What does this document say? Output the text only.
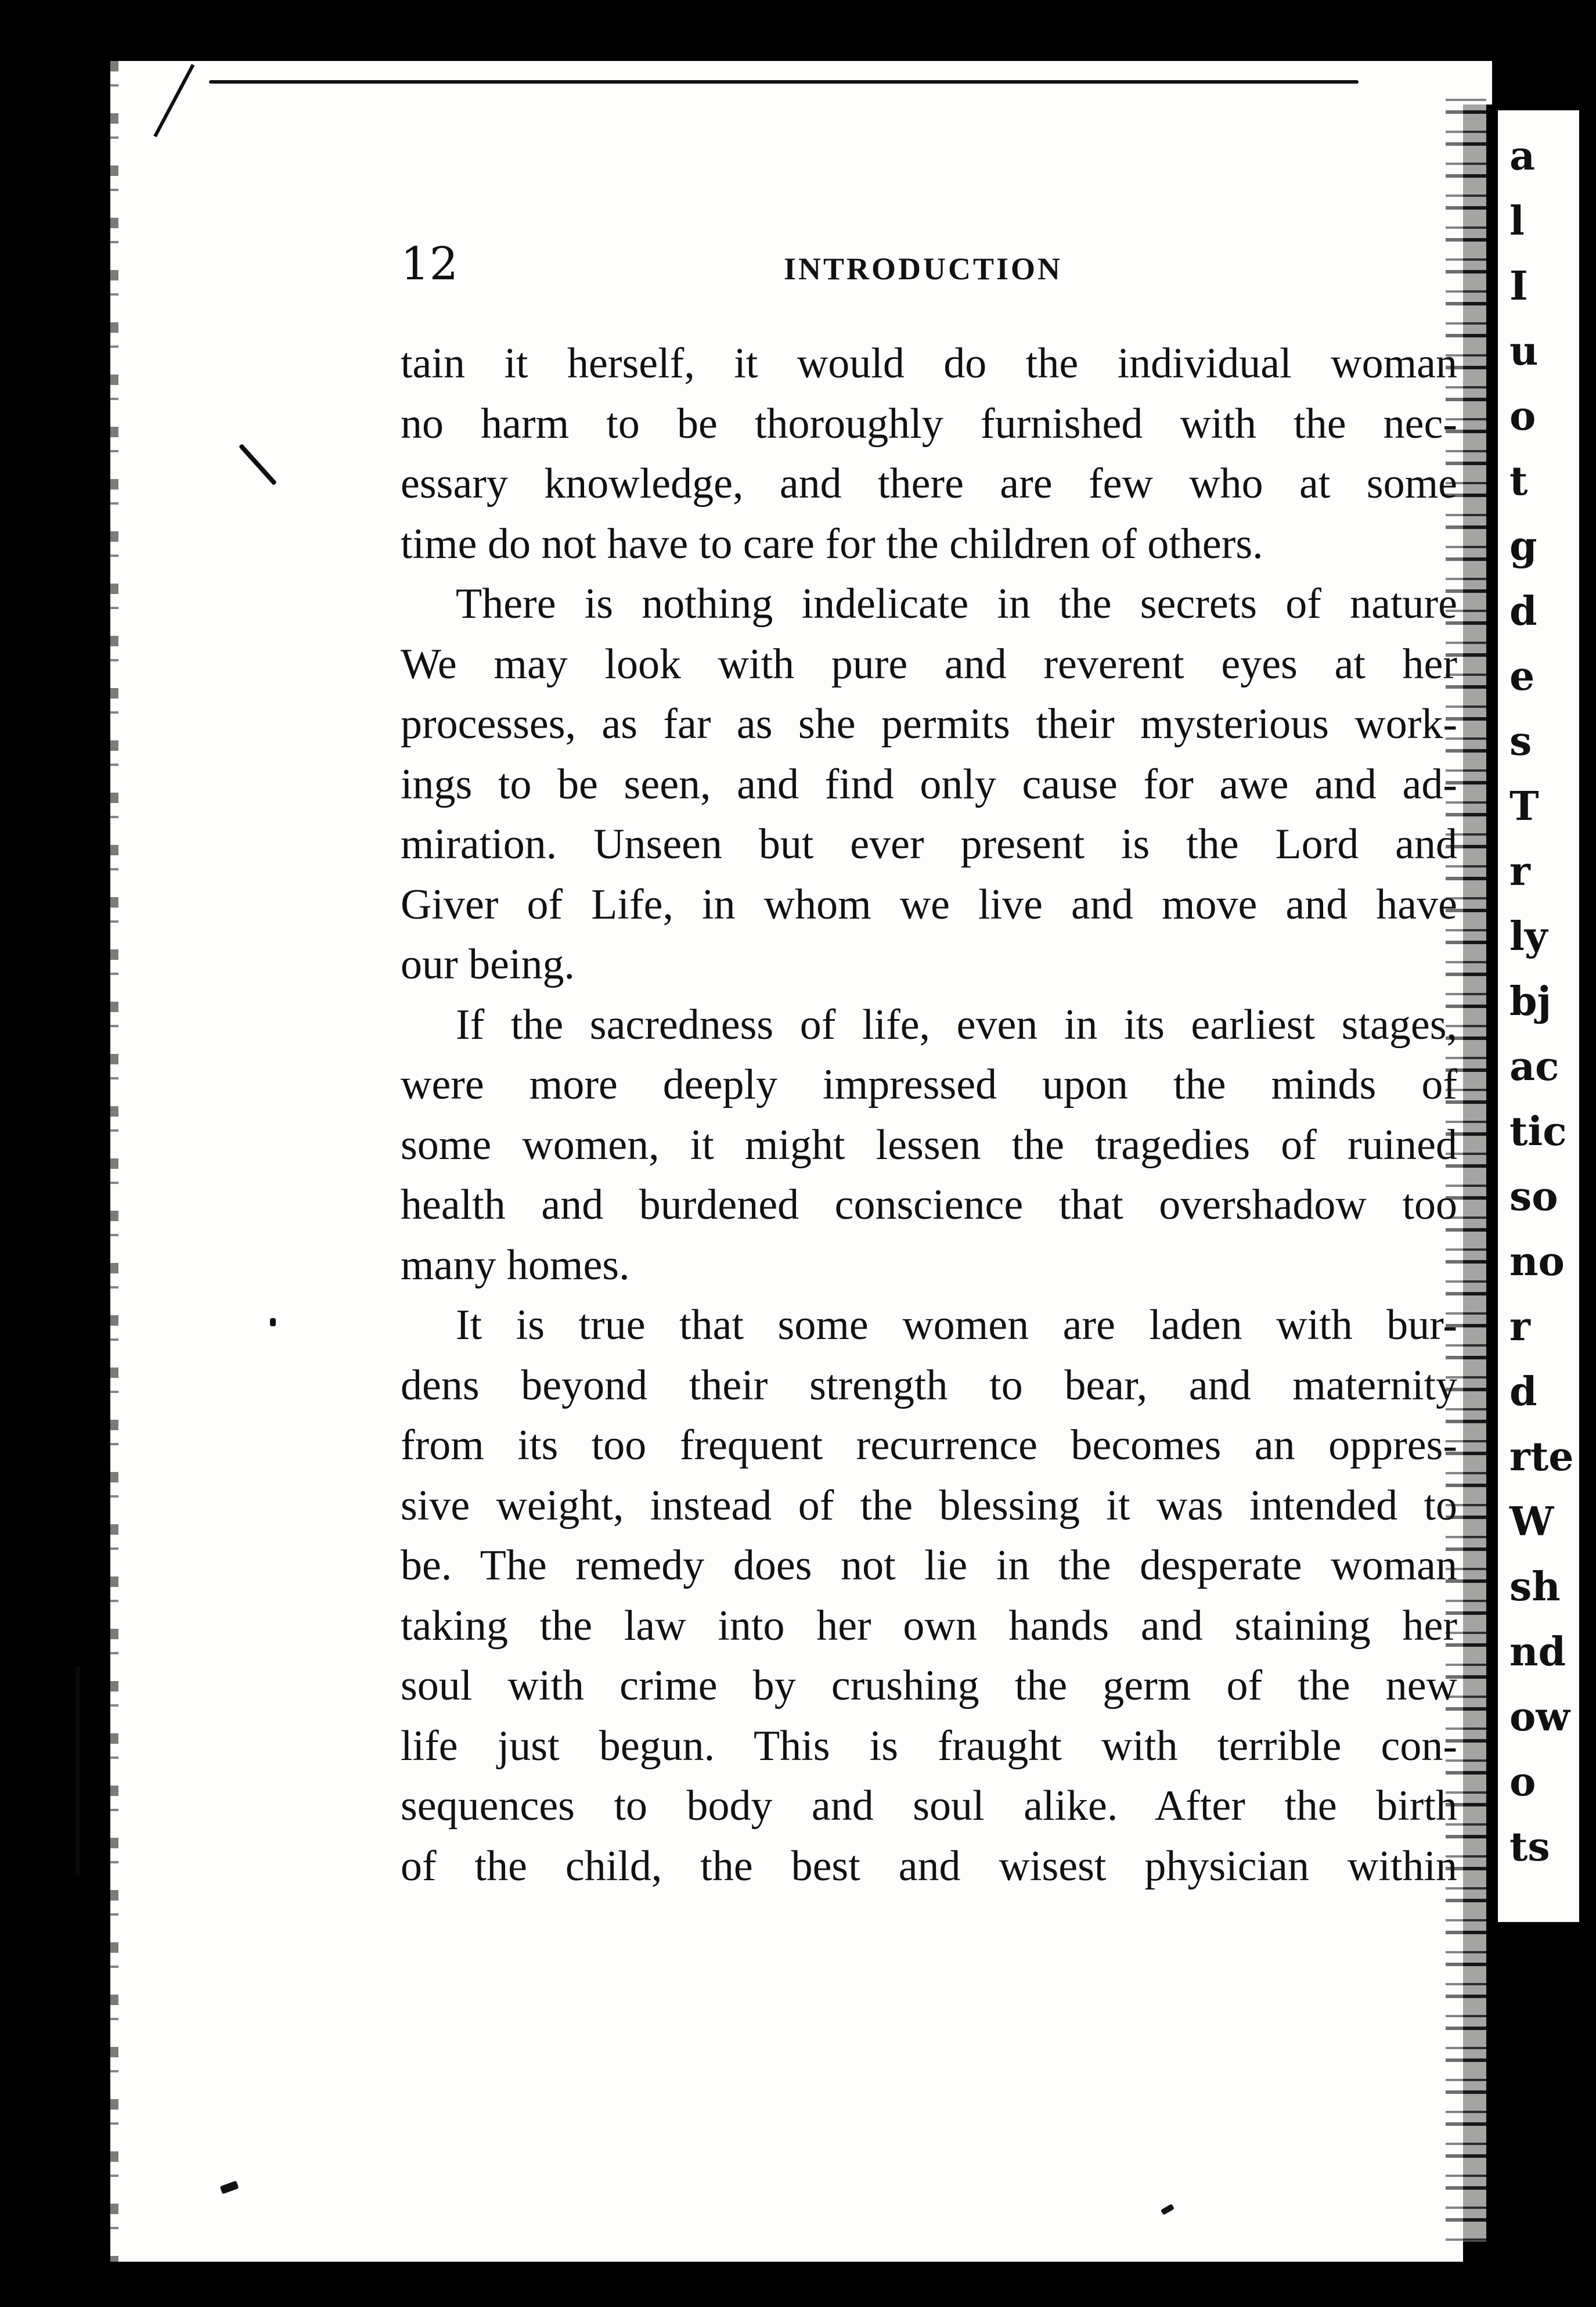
a
l
I
u
o
t
g
d
e
s
T
r
ly
bj
ac
tic
so
no
r
d
rte
W
sh
nd
ow
o
ts
12	INTRODUCTION
tain it herself, it would do the individual woman
no harm to be thoroughly furnished with the nec-
essary knowledge, and there are few who at some
time do not have to care for the children of others.
There is nothing indelicate in the secrets of nature
We may look with pure and reverent eyes at her
processes, as far as she permits their mysterious work-
ings to be seen, and find only cause for awe and ad-
miration. Unseen but ever present is the Lord and
Giver of Life, in whom we live and move and have
our being.
If the sacredness of life, even in its earliest stages,
were more deeply impressed upon the minds of
some women, it might lessen the tragedies of ruined
health and burdened conscience that overshadow too
many homes.
It is true that some women are laden with bur-
dens beyond their strength to bear, and maternity
from its too frequent recurrence becomes an oppres-
sive weight, instead of the blessing it was intended to
be. The remedy does not lie in the desperate woman
taking the law into her own hands and staining her
soul with crime by crushing the germ of the new
life just begun. This is fraught with terrible con-
sequences to body and soul alike. After the birth
of the child, the best and wisest physician within
